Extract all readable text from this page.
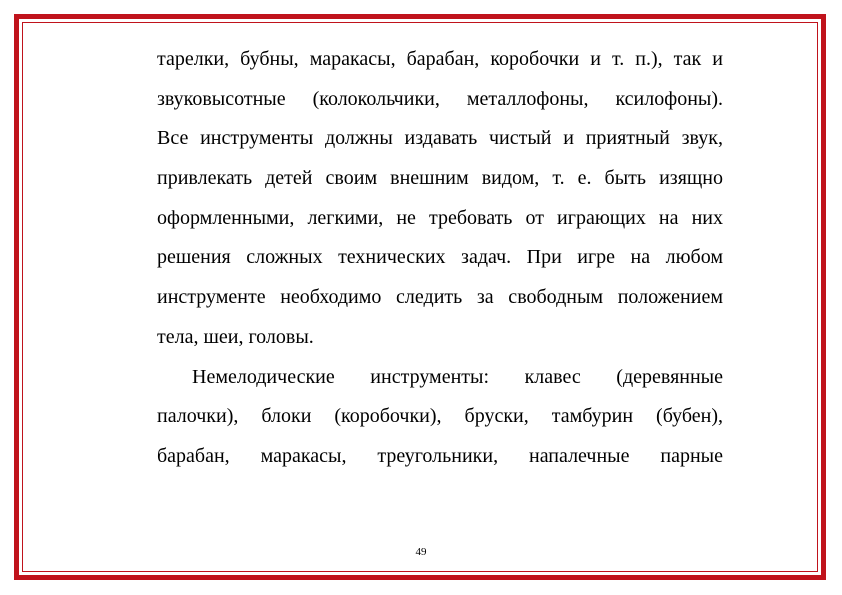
тарелки, бубны, маракасы, барабан, коробочки и т. п.), так и
звуковысотные (колокольчики, металлофоны, ксилофоны).
Все инструменты должны издавать чистый и приятный звук,
привлекать детей своим внешним видом, т. е. быть изящно
оформленными, легкими, не требовать от играющих на них
решения сложных технических задач. При игре на любом
инструменте необходимо следить за свободным положением
тела, шеи, головы.
Немелодические инструменты: клавес (деревянные
палочки), блоки (коробочки), бруски, тамбурин (бубен),
барабан, маракасы, треугольники, напалечные парные
49
